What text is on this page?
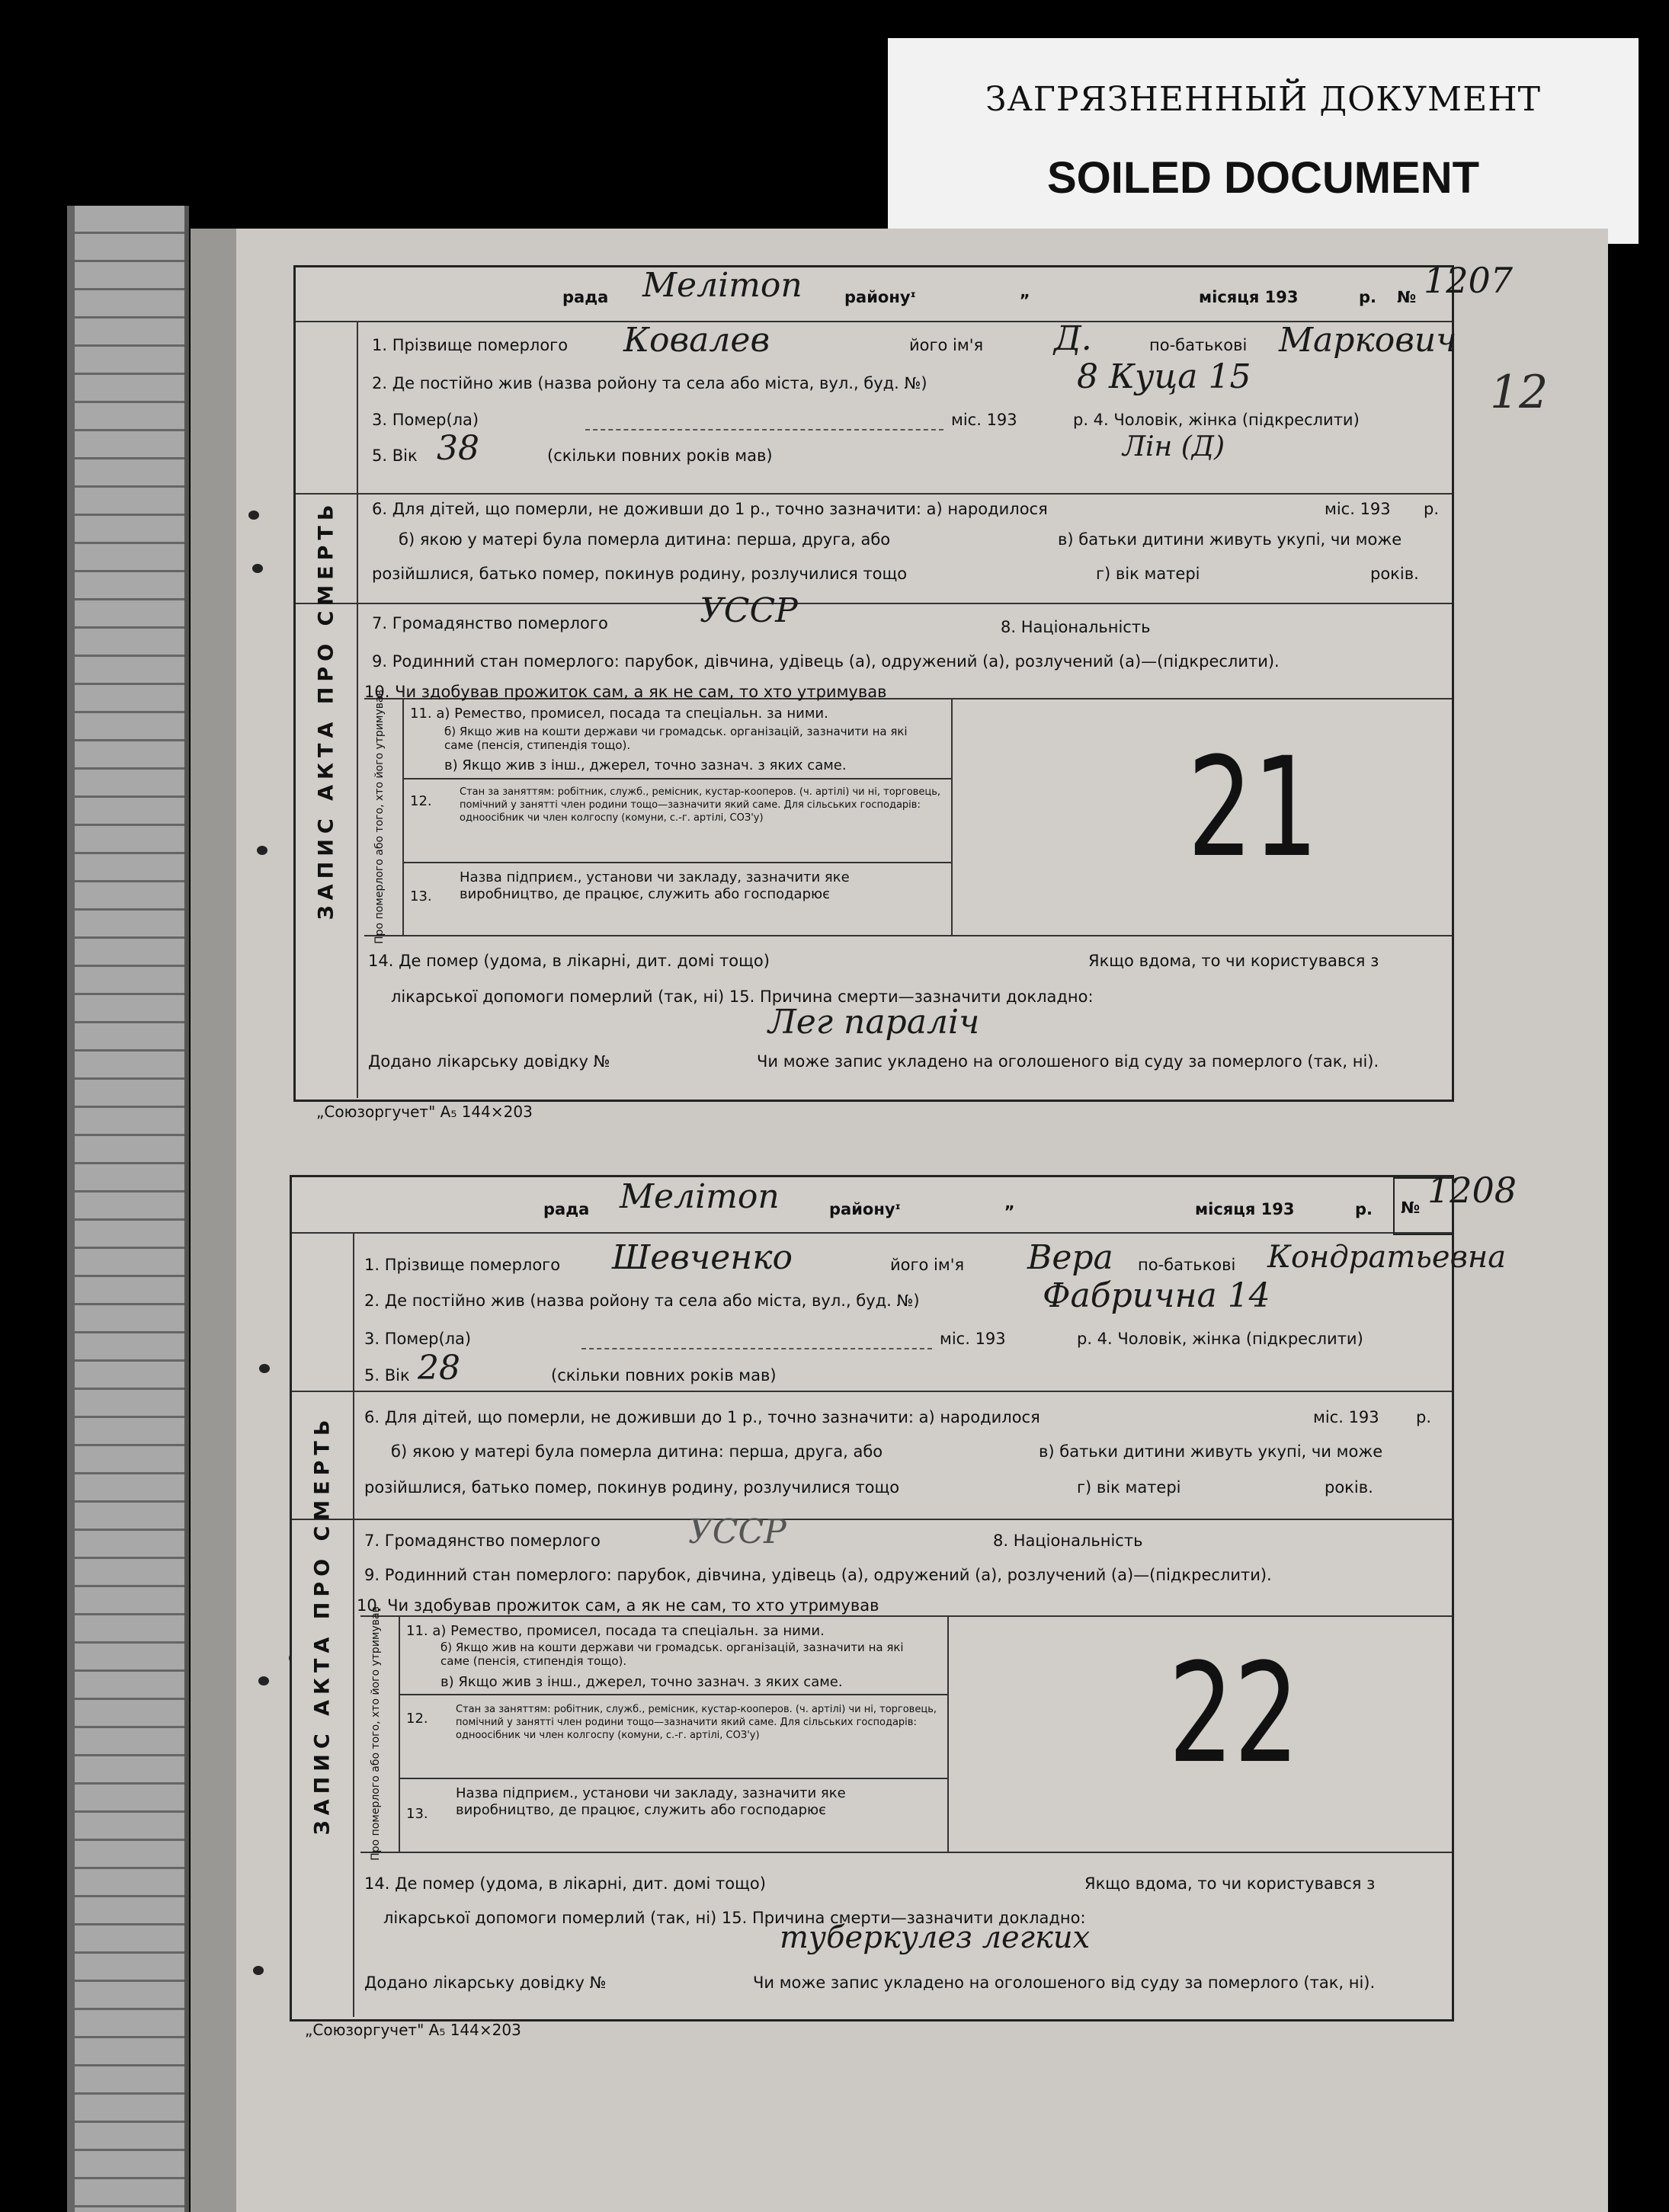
ЗАГРЯЗНЕННЫЙ ДОКУМЕНТ
SOILED DOCUMENT
ЗАПИС АКТА ПРО СМЕРТЬ	Про померлого або того, хто його утримував
рада Мелітоп	районуᶦ	„	місяця 193	р. № 1207
1. Прізвище померлого Ковалев	його ім'я Д.	по-батькові Маркович
2. Де постійно жив (назва ройону та села або міста, вул., буд. №)	8 Куца 15
3. Помер(ла)	міс. 193	р. 4. Чоловік, жінка (підкреслити)
5. Вік 38	(скільки повних років мав)	Лін (Д)
6. Для дітей, що померли, не доживши до 1 р., точно зазначити: а) народилося	міс. 193 р.
б) якою у матері була померла дитина: перша, друга, або	в) батьки дитини живуть укупі, чи може
розійшлися, батько помер, покинув родину, розлучилися тощо	г) вік матері	років.
7. Громадянство померлого	УССР	8. Національність
9. Родинний стан померлого: парубок, дівчина, удівець (а), одружений (а), розлучений (а)—(підкреслити).
10. Чи здобував прожиток сам, а як не сам, то хто утримував
11. а) Ремество, промисел, посада та спеціальн. за ними.
б) Якщо жив на кошти держави чи громадськ. організацій, зазначити на які саме (пенсія, стипендія тощо).
в) Якщо жив з інш., джерел, точно зазнач. з яких саме.
12.
Стан за заняттям: робітник, служб., ремісник, кустар-кооперов. (ч. артілі) чи ні, торговець, помічний у занятті член родини тощо—зазначити який саме. Для сільських господарів: одноосібник чи член колгоспу (комуни, с.-г. артілі, СОЗ'у)
13.
Назва підприєм., установи чи закладу, зазначити яке виробництво, де працює, служить або господарює
21
14. Де помер (удома, в лікарні, дит. домі тощо)	Якщо вдома, то чи користувався з
лікарської допомоги померлий (так, ні) 15. Причина смерти—зазначити докладно:
Лег параліч
Додано лікарську довідку №	Чи може запис укладено на оголошеного від суду за померлого (так, ні).
„Союзоргучет" А₅ 144×203
12
ЗАПИС АКТА ПРО СМЕРТЬ	Про померлого або того, хто його утримував
рада Мелітоп	районуᶦ	„	місяця 193	р. № 1208
1. Прізвище померлого Шевченко	його ім'я Вера по-батькові Кондратьевна
2. Де постійно жив (назва ройону та села або міста, вул., буд. №)	Фабрична 14
3. Помер(ла)	міс. 193	р. 4. Чоловік, жінка (підкреслити)
5. Вік 28	(скільки повних років мав)
6. Для дітей, що померли, не доживши до 1 р., точно зазначити: а) народилося	міс. 193 р.
б) якою у матері була померла дитина: перша, друга, або	в) батьки дитини живуть укупі, чи може
розійшлися, батько помер, покинув родину, розлучилися тощо	г) вік матері	років.
7. Громадянство померлого	УССР	8. Національність
9. Родинний стан померлого: парубок, дівчина, удівець (а), одружений (а), розлучений (а)—(підкреслити).
10. Чи здобував прожиток сам, а як не сам, то хто утримував
11. а) Ремество, промисел, посада та спеціальн. за ними.
б) Якщо жив на кошти держави чи громадськ. організацій, зазначити на які саме (пенсія, стипендія тощо).
в) Якщо жив з інш., джерел, точно зазнач. з яких саме.
12.
Стан за заняттям: робітник, служб., ремісник, кустар-кооперов. (ч. артілі) чи ні, торговець, помічний у занятті член родини тощо—зазначити який саме. Для сільських господарів: одноосібник чи член колгоспу (комуни, с.-г. артілі, СОЗ'у)
13.
Назва підприєм., установи чи закладу, зазначити яке виробництво, де працює, служить або господарює
22
14. Де помер (удома, в лікарні, дит. домі тощо)	Якщо вдома, то чи користувався з
лікарської допомоги померлий (так, ні) 15. Причина смерти—зазначити докладно:
туберкулез легких
Додано лікарську довідку №	Чи може запис укладено на оголошеного від суду за померлого (так, ні).
„Союзоргучет" А₅ 144×203
